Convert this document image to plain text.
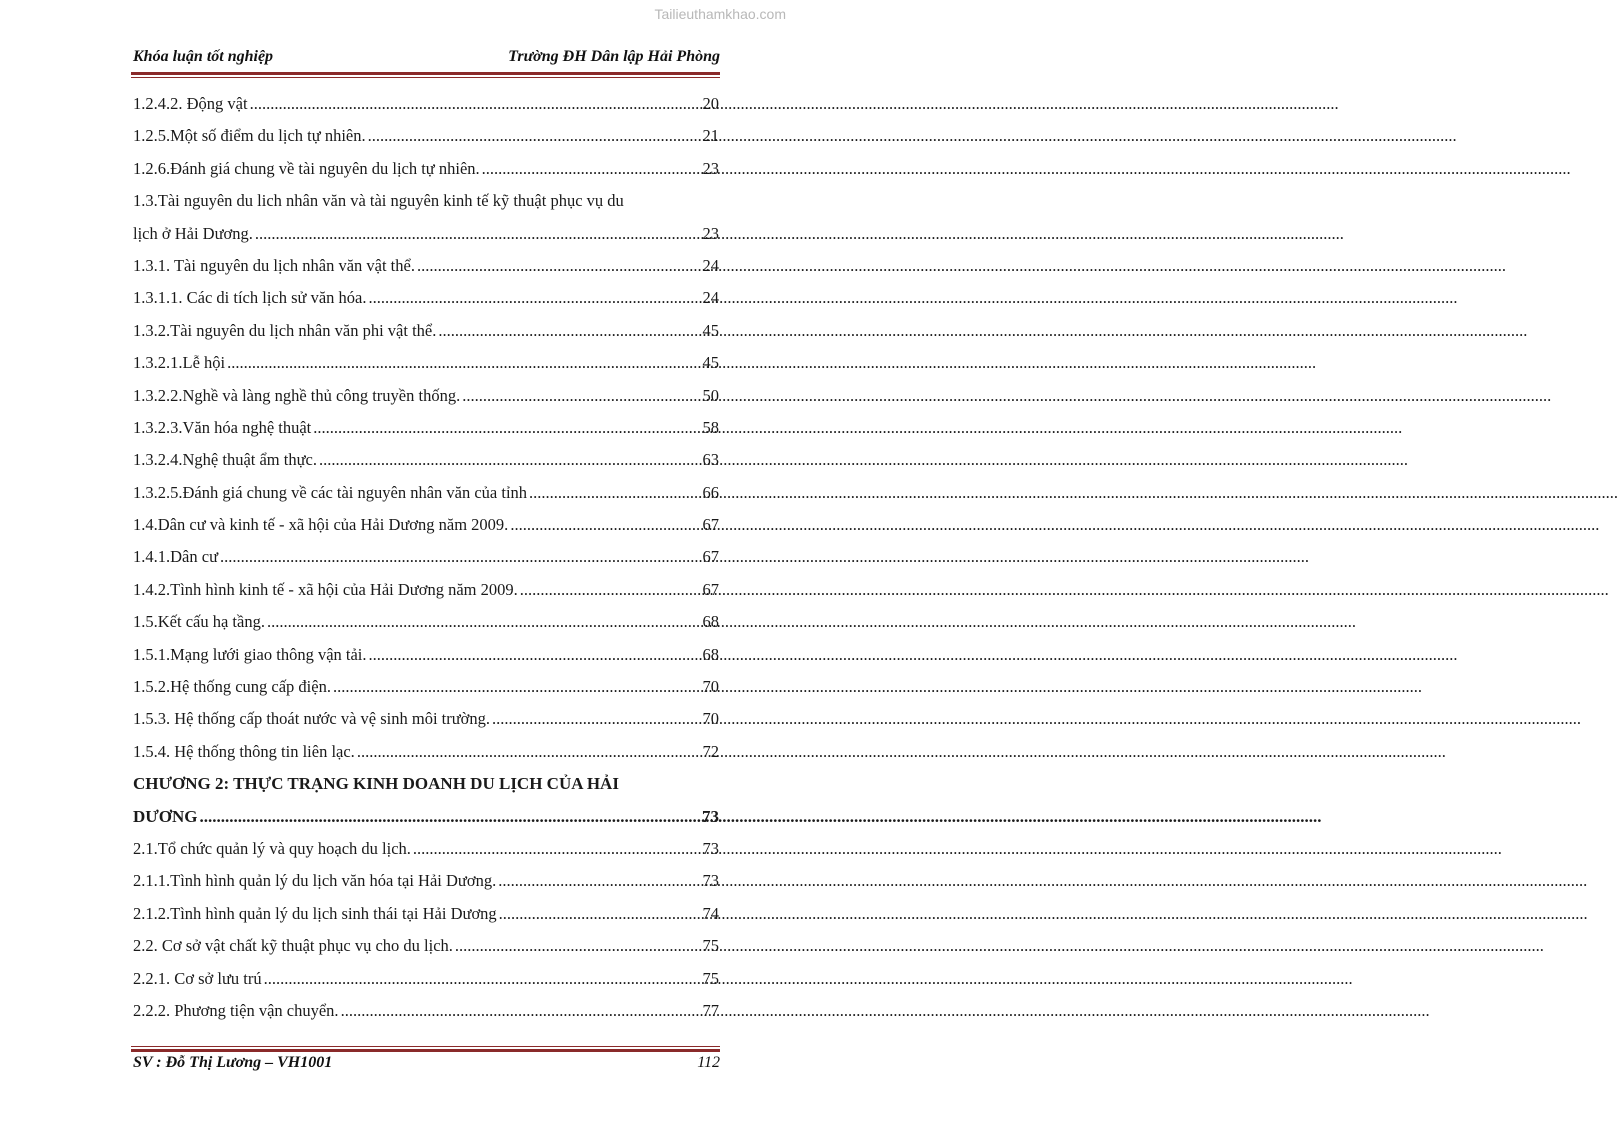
Tailieuthamkhao.com
Khóa luận tốt nghiệp	Trường ĐH Dân lập Hải Phòng
1.2.4.2. Động vật .....	20
1.2.5.Một số điểm du lịch tự nhiên. .....	21
1.2.6.Đánh giá chung về tài nguyên du lịch tự nhiên. .....	23
1.3.Tài nguyên du lich nhân văn và tài nguyên kinh tế kỹ thuật phục vụ du
lịch ở Hải Dương. .....	23
1.3.1. Tài nguyên du lịch nhân văn vật thể. .....	24
1.3.1.1. Các di tích lịch sử văn hóa. .....	24
1.3.2.Tài nguyên du lịch nhân văn phi vật thể. .....	45
1.3.2.1.Lễ hội .....	45
1.3.2.2.Nghề và làng nghề thủ công truyền thống. .....	50
1.3.2.3.Văn hóa nghệ thuật .....	58
1.3.2.4.Nghệ thuật ẩm thực. .....	63
1.3.2.5.Đánh giá chung về các tài nguyên nhân văn của tỉnh .....	66
1.4.Dân cư và kinh tế - xã hội của Hải Dương năm 2009. .....	67
1.4.1.Dân cư .....	67
1.4.2.Tình hình kinh tế - xã hội của Hải Dương năm 2009. .....	67
1.5.Kết cấu hạ tầng. .....	68
1.5.1.Mạng lưới giao thông vận tải. .....	68
1.5.2.Hệ thống cung cấp điện. .....	70
1.5.3. Hệ thống cấp thoát nước và vệ sinh môi trường. .....	70
1.5.4. Hệ thống thông tin liên lạc. .....	72
CHƯƠNG 2: THỰC TRẠNG KINH DOANH DU LỊCH CỦA HẢI
DƯƠNG .....	73
2.1.Tổ chức quản lý và quy hoạch du lịch. .....	73
2.1.1.Tình hình quản lý du lịch văn hóa tại Hải Dương. .....	73
2.1.2.Tình hình quản lý du lịch sinh thái tại Hải Dương .....	74
2.2. Cơ sở vật chất kỹ thuật phục vụ cho du lịch. .....	75
2.2.1. Cơ sở lưu trú .....	75
2.2.2. Phương tiện vận chuyển. .....	77
SV : Đỗ Thị Lương – VH1001	112
